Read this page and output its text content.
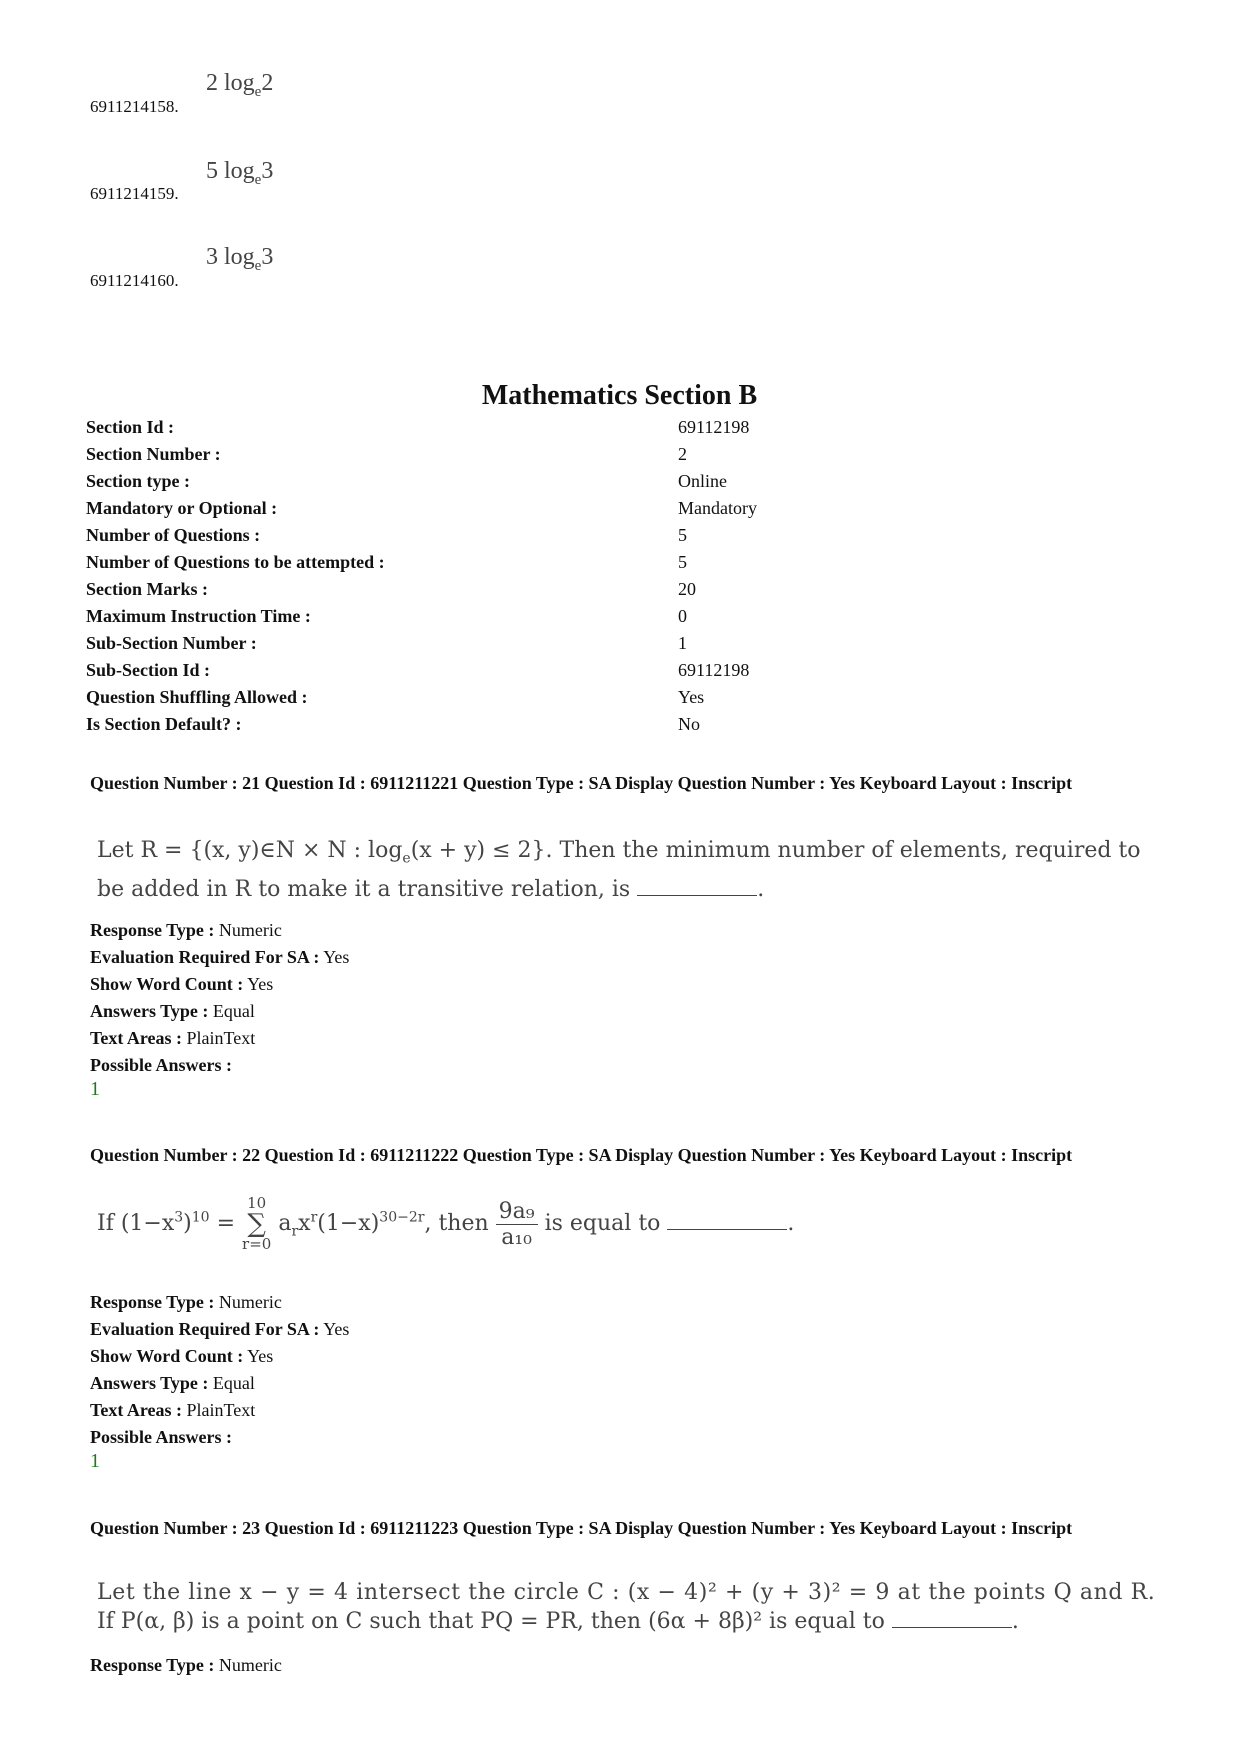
2 $\log_e2$
6911214158.
5 $\log_e3$
6911214159.
3 $\log_e3$
6911214160.
Mathematics Section B
Section Id :	69112198
Section Number :	2
Section type :	Online
Mandatory or Optional :	Mandatory
Number of Questions :	5
Number of Questions to be attempted :	5
Section Marks :	20
Maximum Instruction Time :	0
Sub-Section Number :	1
Sub-Section Id :	69112198
Question Shuffling Allowed :	Yes
Is Section Default? :	No
Question Number : 21 Question Id : 6911211221 Question Type : SA Display Question Number : Yes Keyboard Layout : Inscript
Let R = {(x, y)∈N × N : $\log_e(x + y) \le 2$}. Then the minimum number of elements, required to
be added in R to make it a transitive relation, is	.
Response Type : Numeric
Evaluation Required For SA : Yes
Show Word Count : Yes
Answers Type : Equal
Text Areas : PlainText
Possible Answers :
1
Question Number : 22 Question Id : 6911211222 Question Type : SA Display Question Number : Yes Keyboard Layout : Inscript
If $(1-x^3)^{10}$ =
10
∑
r=0
$a_rx^r(1-x)^{30-2r}$, then $\frac{\text{9a₉}}{\text{a₁₀}}$ is equal to	.
Response Type : Numeric
Evaluation Required For SA : Yes
Show Word Count : Yes
Answers Type : Equal
Text Areas : PlainText
Possible Answers :
1
Question Number : 23 Question Id : 6911211223 Question Type : SA Display Question Number : Yes Keyboard Layout : Inscript
Let the line x − y = 4 intersect the circle C : (x − 4)² + (y + 3)² = 9 at the points Q and R.
If P(α, β) is a point on C such that PQ = PR, then (6α + 8β)² is equal to	.
Response Type : Numeric
